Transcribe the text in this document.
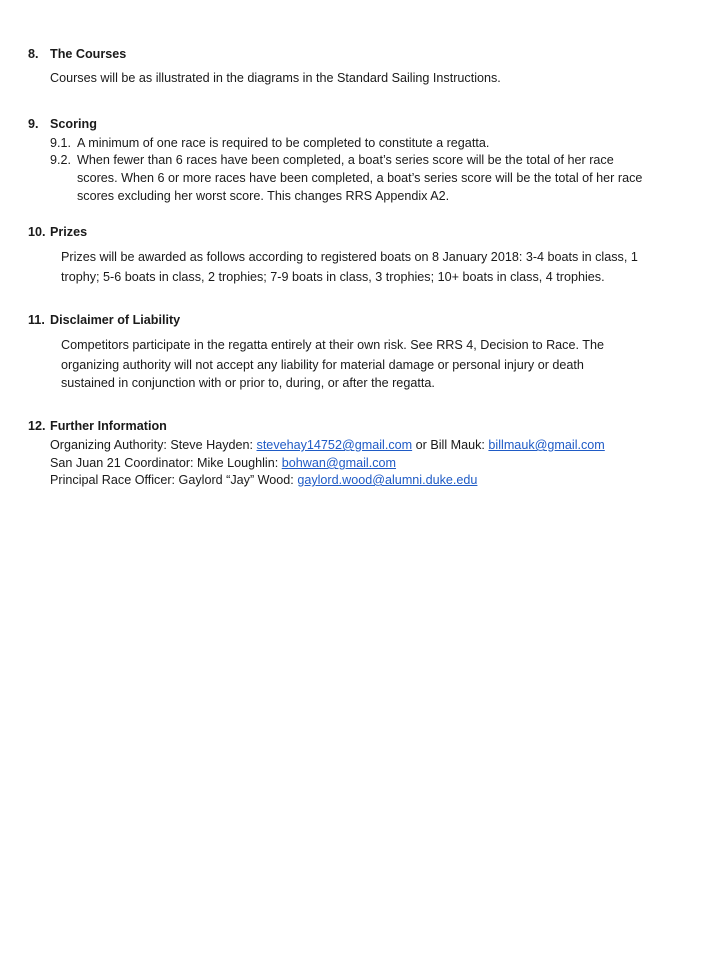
8. The Courses
Courses will be as illustrated in the diagrams in the Standard Sailing Instructions.
9. Scoring
9.1. A minimum of one race is required to be completed to constitute a regatta.
9.2. When fewer than 6 races have been completed, a boat’s series score will be the total of her race
scores. When 6 or more races have been completed, a boat’s series score will be the total of her race
scores excluding her worst score. This changes RRS Appendix A2.
10. Prizes
Prizes will be awarded as follows according to registered boats on 8 January 2018: 3-4 boats in class, 1
trophy; 5-6 boats in class, 2 trophies; 7-9 boats in class, 3 trophies; 10+ boats in class, 4 trophies.
11. Disclaimer of Liability
Competitors participate in the regatta entirely at their own risk. See RRS 4, Decision to Race. The
organizing authority will not accept any liability for material damage or personal injury or death
sustained in conjunction with or prior to, during, or after the regatta.
12. Further Information
Organizing Authority: Steve Hayden: stevehay14752@gmail.com or Bill Mauk: billmauk@gmail.com
San Juan 21 Coordinator: Mike Loughlin: bohwan@gmail.com
Principal Race Officer: Gaylord “Jay” Wood: gaylord.wood@alumni.duke.edu
